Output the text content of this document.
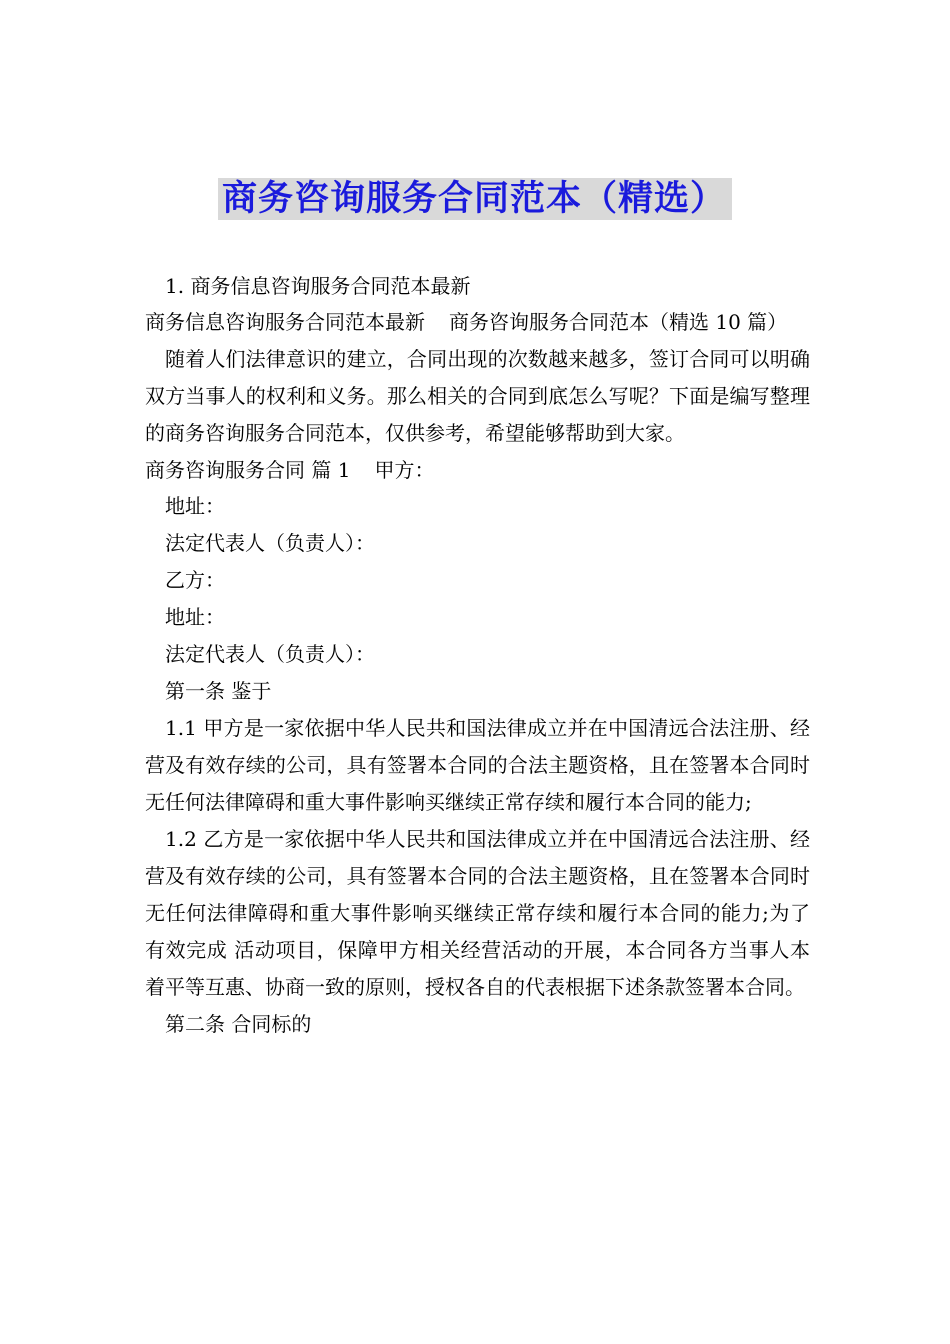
商务咨询服务合同范本（精选）

1. 商务信息咨询服务合同范本最新

商务信息咨询服务合同范本最新 商务咨询服务合同范本（精选 10 篇）

随着人们法律意识的建立，合同出现的次数越来越多，签订合同可以明确双方当事人的权利和义务。那么相关的合同到底怎么写呢？下面是编写整理的商务咨询服务合同范本，仅供参考，希望能够帮助到大家。

商务咨询服务合同 篇 1 甲方：

地址：

法定代表人（负责人）：

乙方：

地址：

法定代表人（负责人）：

第一条 鉴于

1.1 甲方是一家依据中华人民共和国法律成立并在中国清远合法注册、经营及有效存续的公司，具有签署本合同的合法主题资格，且在签署本合同时无任何法律障碍和重大事件影响买继续正常存续和履行本合同的能力;

1.2 乙方是一家依据中华人民共和国法律成立并在中国清远合法注册、经营及有效存续的公司，具有签署本合同的合法主题资格，且在签署本合同时无任何法律障碍和重大事件影响买继续正常存续和履行本合同的能力;为了有效完成 活动项目，保障甲方相关经营活动的开展，本合同各方当事人本着平等互惠、协商一致的原则，授权各自的代表根据下述条款签署本合同。

第二条 合同标的
